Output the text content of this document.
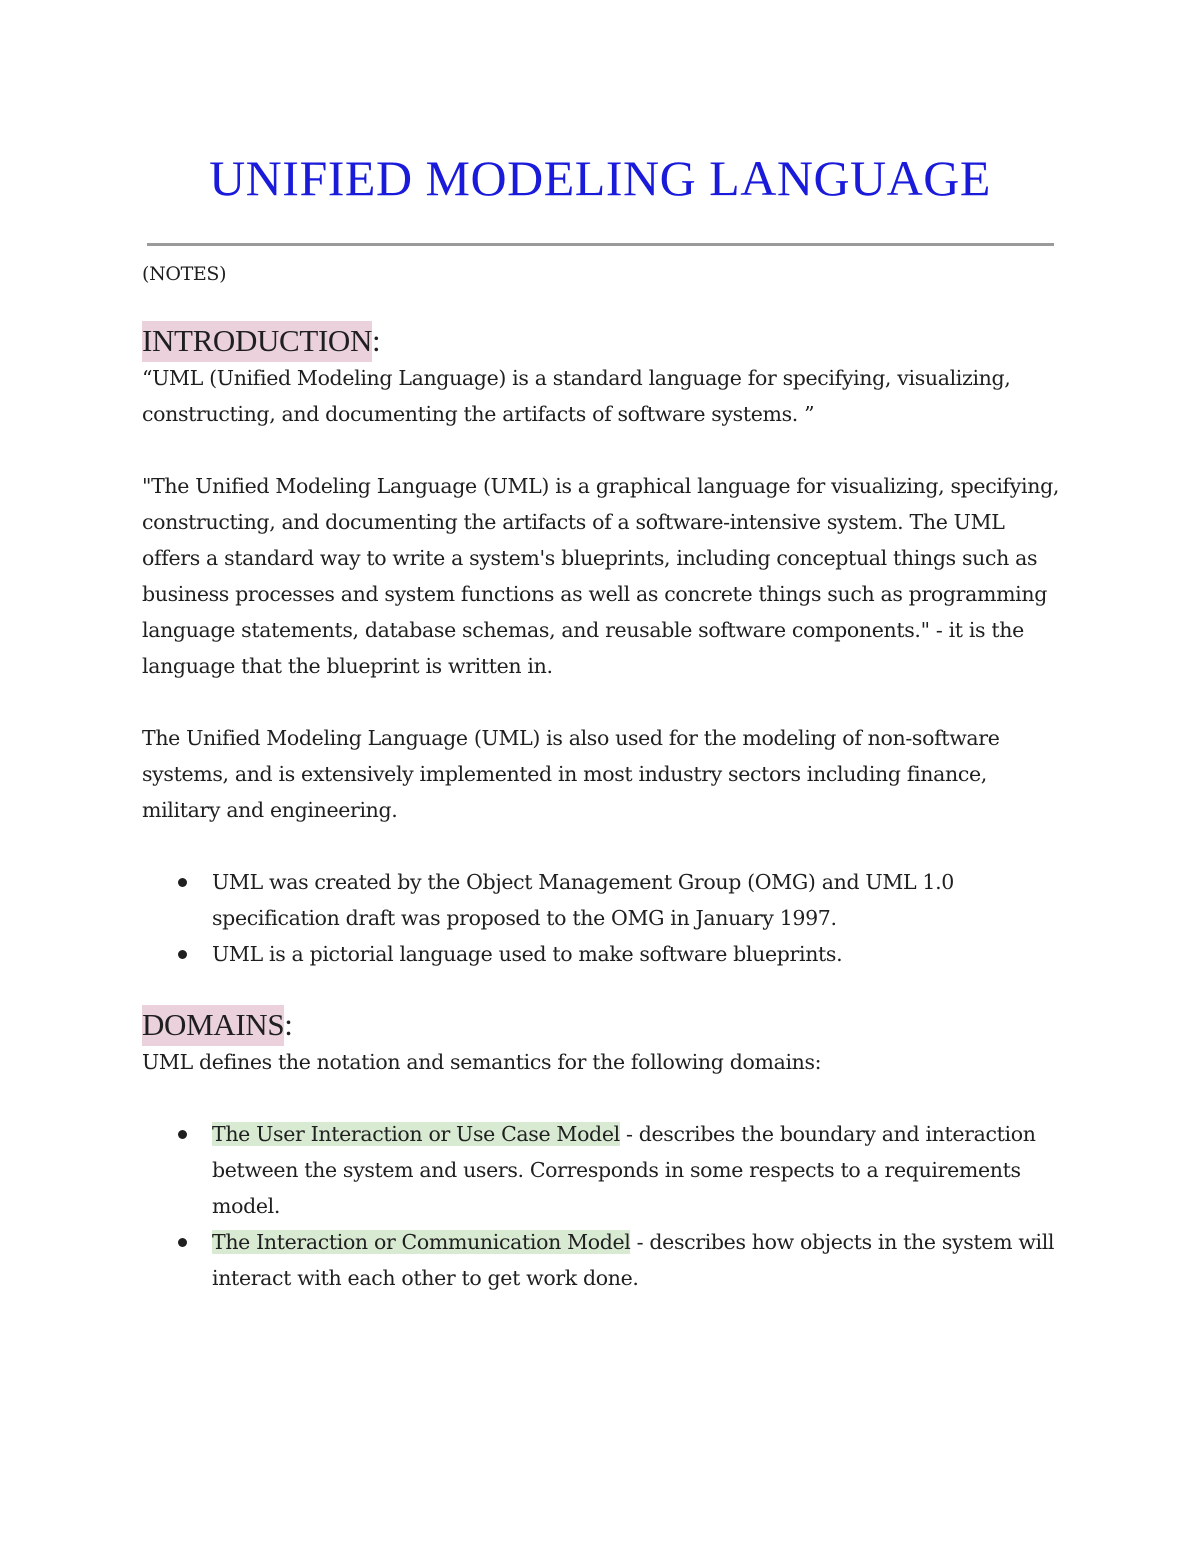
UNIFIED MODELING LANGUAGE

(NOTES)

INTRODUCTION:

“UML (Unified Modeling Language) is a standard language for specifying, visualizing, constructing, and documenting the artifacts of software systems. ”

"The Unified Modeling Language (UML) is a graphical language for visualizing, specifying, constructing, and documenting the artifacts of a software-intensive system. The UML offers a standard way to write a system's blueprints, including conceptual things such as business processes and system functions as well as concrete things such as programming language statements, database schemas, and reusable software components." - it is the language that the blueprint is written in.

The Unified Modeling Language (UML) is also used for the modeling of non-software systems, and is extensively implemented in most industry sectors including finance, military and engineering.

UML was created by the Object Management Group (OMG) and UML 1.0 specification draft was proposed to the OMG in January 1997.
UML is a pictorial language used to make software blueprints.
DOMAINS:

UML defines the notation and semantics for the following domains:

The User Interaction or Use Case Model - describes the boundary and interaction between the system and users. Corresponds in some respects to a requirements model.
The Interaction or Communication Model - describes how objects in the system will interact with each other to get work done.
